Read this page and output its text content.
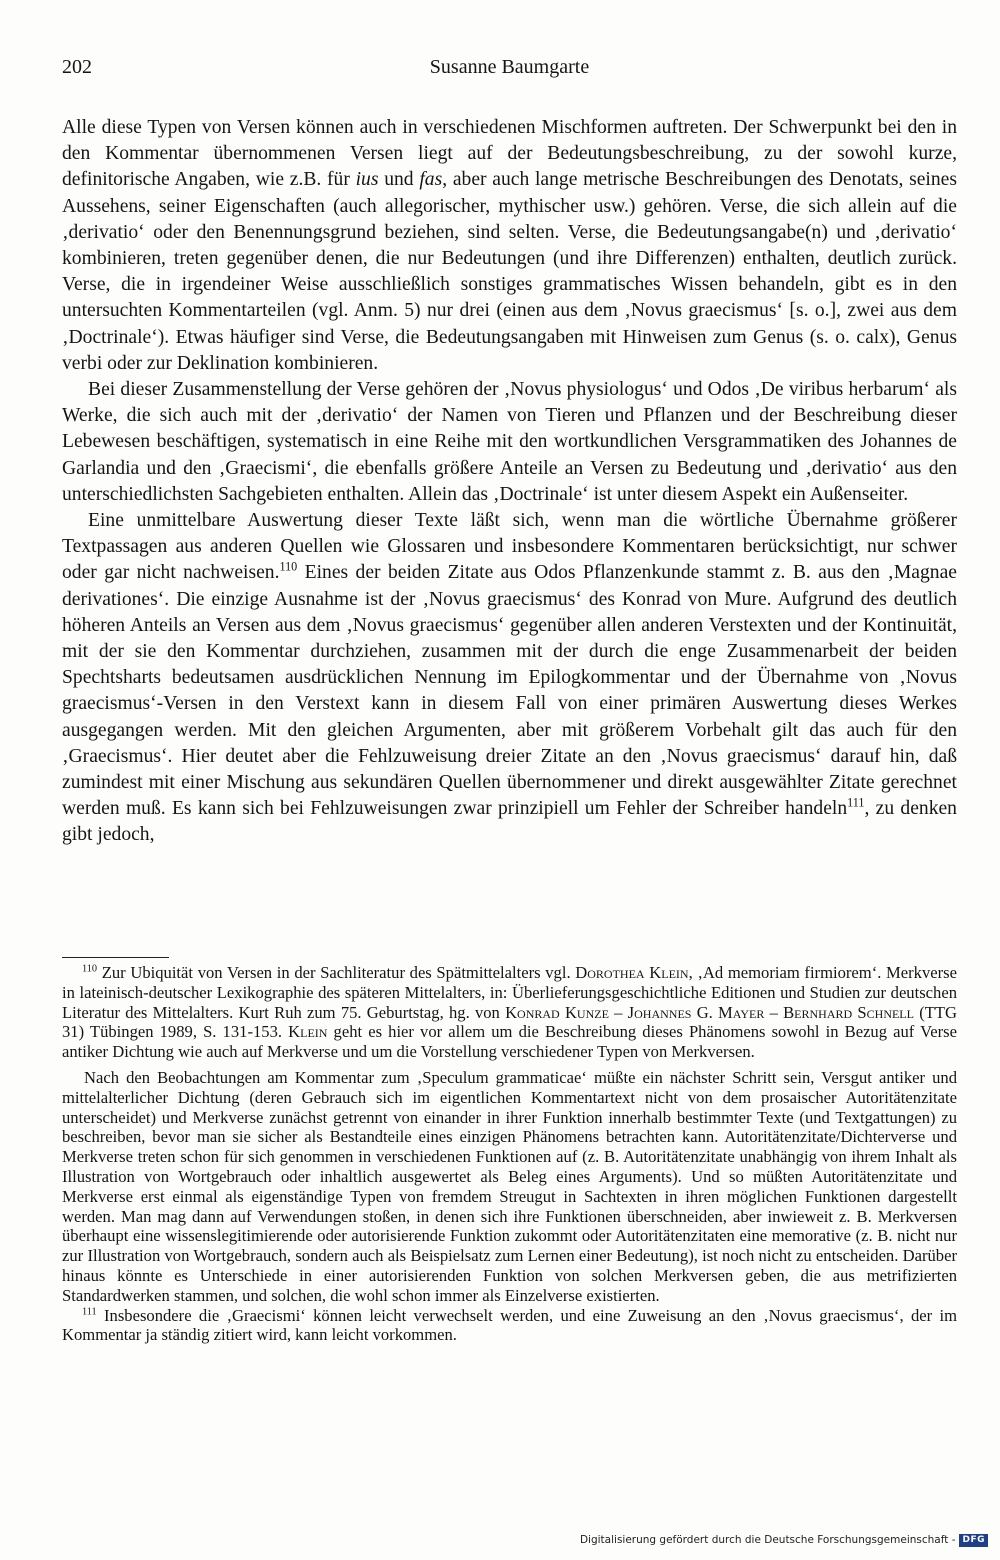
202	Susanne Baumgarte

Alle diese Typen von Versen können auch in verschiedenen Mischformen auftreten. Der Schwerpunkt bei den in den Kommentar übernommenen Versen liegt auf der Bedeutungsbeschreibung, zu der sowohl kurze, definitorische Angaben, wie z.B. für ius und fas, aber auch lange metrische Beschreibungen des Denotats, seines Aussehens, seiner Eigenschaften (auch allegorischer, mythischer usw.) gehören. Verse, die sich allein auf die ‚derivatio‘ oder den Benennungsgrund beziehen, sind selten. Verse, die Bedeutungsangabe(n) und ‚derivatio‘ kombinieren, treten gegenüber denen, die nur Bedeutungen (und ihre Differenzen) enthalten, deutlich zurück. Verse, die in irgendeiner Weise ausschließlich sonstiges grammatisches Wissen behandeln, gibt es in den untersuchten Kommentarteilen (vgl. Anm. 5) nur drei (einen aus dem ‚Novus graecismus‘ [s. o.], zwei aus dem ‚Doctrinale‘). Etwas häufiger sind Verse, die Bedeutungsangaben mit Hinweisen zum Genus (s. o. calx), Genus verbi oder zur Deklination kombinieren.

Bei dieser Zusammenstellung der Verse gehören der ‚Novus physiologus‘ und Odos ‚De viribus herbarum‘ als Werke, die sich auch mit der ‚derivatio‘ der Namen von Tieren und Pflanzen und der Beschreibung dieser Lebewesen beschäftigen, systematisch in eine Reihe mit den wortkundlichen Versgrammatiken des Johannes de Garlandia und den ‚Graecismi‘, die ebenfalls größere Anteile an Versen zu Bedeutung und ‚derivatio‘ aus den unterschiedlichsten Sachgebieten enthalten. Allein das ‚Doctrinale‘ ist unter diesem Aspekt ein Außenseiter.

Eine unmittelbare Auswertung dieser Texte läßt sich, wenn man die wörtliche Übernahme größerer Textpassagen aus anderen Quellen wie Glossaren und insbesondere Kommentaren berücksichtigt, nur schwer oder gar nicht nachweisen.$^{110}$ Eines der beiden Zitate aus Odos Pflanzenkunde stammt z. B. aus den ‚Magnae derivationes‘. Die einzige Ausnahme ist der ‚Novus graecismus‘ des Konrad von Mure. Aufgrund des deutlich höheren Anteils an Versen aus dem ‚Novus graecismus‘ gegenüber allen anderen Verstexten und der Kontinuität, mit der sie den Kommentar durchziehen, zusammen mit der durch die enge Zusammenarbeit der beiden Spechtsharts bedeutsamen ausdrücklichen Nennung im Epilogkommentar und der Übernahme von ‚Novus graecismus‘-Versen in den Verstext kann in diesem Fall von einer primären Auswertung dieses Werkes ausgegangen werden. Mit den gleichen Argumenten, aber mit größerem Vorbehalt gilt das auch für den ‚Graecismus‘. Hier deutet aber die Fehlzuweisung dreier Zitate an den ‚Novus graecismus‘ darauf hin, daß zumindest mit einer Mischung aus sekundären Quellen übernommener und direkt ausgewählter Zitate gerechnet werden muß. Es kann sich bei Fehlzuweisungen zwar prinzipiell um Fehler der Schreiber handeln$^{111}$, zu denken gibt jedoch,

$^{110}$ Zur Ubiquität von Versen in der Sachliteratur des Spätmittelalters vgl. Dorothea Klein, ‚Ad memoriam firmiorem‘. Merkverse in lateinisch-deutscher Lexikographie des späteren Mittelalters, in: Überlieferungsgeschichtliche Editionen und Studien zur deutschen Literatur des Mittelalters. Kurt Ruh zum 75. Geburtstag, hg. von Konrad Kunze – Johannes G. Mayer – Bernhard Schnell (TTG 31) Tübingen 1989, S. 131-153. Klein geht es hier vor allem um die Beschreibung dieses Phänomens sowohl in Bezug auf Verse antiker Dichtung wie auch auf Merkverse und um die Vorstellung verschiedener Typen von Merkversen.

Nach den Beobachtungen am Kommentar zum ‚Speculum grammaticae‘ müßte ein nächster Schritt sein, Versgut antiker und mittelalterlicher Dichtung (deren Gebrauch sich im eigentlichen Kommentartext nicht von dem prosaischer Autoritätenzitate unterscheidet) und Merkverse zunächst getrennt von einander in ihrer Funktion innerhalb bestimmter Texte (und Textgattungen) zu beschreiben, bevor man sie sicher als Bestandteile eines einzigen Phänomens betrachten kann. Autoritätenzitate/Dichterverse und Merkverse treten schon für sich genommen in verschiedenen Funktionen auf (z. B. Autoritätenzitate unabhängig von ihrem Inhalt als Illustration von Wortgebrauch oder inhaltlich ausgewertet als Beleg eines Arguments). Und so müßten Autoritätenzitate und Merkverse erst einmal als eigenständige Typen von fremdem Streugut in Sachtexten in ihren möglichen Funktionen dargestellt werden. Man mag dann auf Verwendungen stoßen, in denen sich ihre Funktionen überschneiden, aber inwieweit z. B. Merkversen überhaupt eine wissenslegitimierende oder autorisierende Funktion zukommt oder Autoritätenzitaten eine memorative (z. B. nicht nur zur Illustration von Wortgebrauch, sondern auch als Beispielsatz zum Lernen einer Bedeutung), ist noch nicht zu entscheiden. Darüber hinaus könnte es Unterschiede in einer autorisierenden Funktion von solchen Merkversen geben, die aus metrifizierten Standardwerken stammen, und solchen, die wohl schon immer als Einzelverse existierten.

$^{111}$ Insbesondere die ‚Graecismi‘ können leicht verwechselt werden, und eine Zuweisung an den ‚Novus graecismus‘, der im Kommentar ja ständig zitiert wird, kann leicht vorkommen.

Digitalisierung gefördert durch die Deutsche Forschungsgemeinschaft - DFG
